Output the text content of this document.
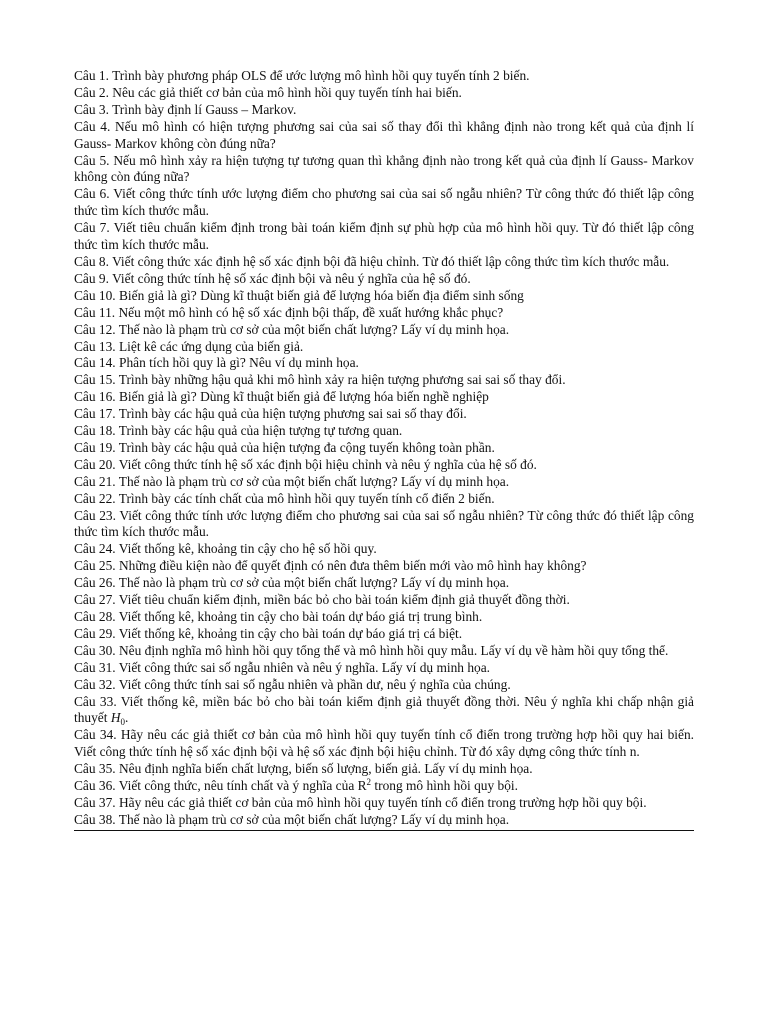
Câu 1. Trình bày phương pháp OLS để ước lượng mô hình hồi quy tuyến tính 2 biến.

Câu 2. Nêu các giả thiết cơ bản của mô hình hồi quy tuyến tính hai biến.

Câu 3. Trình bày định lí Gauss – Markov.

Câu 4. Nếu mô hình có hiện tượng phương sai của sai số thay đổi thì khẳng định nào trong kết quả của định lí Gauss- Markov không còn đúng nữa?

Câu 5. Nếu mô hình xảy ra hiện tượng tự tương quan thì khẳng định nào trong kết quả của định lí Gauss- Markov không còn đúng nữa?

Câu 6. Viết công thức tính ước lượng điểm cho phương sai của sai số ngẫu nhiên? Từ công thức đó thiết lập công thức tìm kích thước mẫu.

Câu 7. Viết tiêu chuẩn kiểm định trong bài toán kiểm định sự phù hợp của mô hình hồi quy. Từ đó thiết lập công thức tìm kích thước mẫu.

Câu 8. Viết công thức xác định hệ số xác định bội đã hiệu chỉnh. Từ đó thiết lập công thức tìm kích thước mẫu.

Câu 9. Viết công thức tính hệ số xác định bội và nêu ý nghĩa của hệ số đó.

Câu 10. Biến giả là gì? Dùng kĩ thuật biến giả để lượng hóa biến địa điểm sinh sống

Câu 11. Nếu một mô hình có hệ số xác định bội thấp, đề xuất hướng khắc phục?

Câu 12. Thế nào là phạm trù cơ sở của một biến chất lượng? Lấy ví dụ minh họa.

Câu 13. Liệt kê các ứng dụng của biến giả.

Câu 14. Phân tích hồi quy là gì? Nêu ví dụ minh họa.

Câu 15. Trình bày những hậu quả khi mô hình xảy ra hiện tượng phương sai sai số thay đổi.

Câu 16. Biến giả là gì? Dùng kĩ thuật biến giả để lượng hóa biến nghề nghiệp

Câu 17. Trình bày các hậu quả của hiện tượng phương sai sai số thay đổi.

Câu 18. Trình bày các hậu quả của hiện tượng tự tương quan.

Câu 19. Trình bày các hậu quả của hiện tượng đa cộng tuyến không toàn phần.

Câu 20. Viết công thức tính hệ số xác định bội hiệu chỉnh và nêu ý nghĩa của hệ số đó.

Câu 21. Thế nào là phạm trù cơ sở của một biến chất lượng? Lấy ví dụ minh họa.

Câu 22. Trình bày các tính chất của mô hình hồi quy tuyến tính cổ điển 2 biến.

Câu 23. Viết công thức tính ước lượng điểm cho phương sai của sai số ngẫu nhiên? Từ công thức đó thiết lập công thức tìm kích thước mẫu.

Câu 24. Viết thống kê, khoảng tin cậy cho hệ số hồi quy.

Câu 25. Những điều kiện nào để quyết định có nên đưa thêm biến mới vào mô hình hay không?

Câu 26. Thế nào là phạm trù cơ sở của một biến chất lượng? Lấy ví dụ minh họa.

Câu 27. Viết tiêu chuẩn kiểm định, miền bác bỏ cho bài toán kiểm định giả thuyết đồng thời.

Câu 28. Viết thống kê, khoảng tin cậy cho bài toán dự báo giá trị trung bình.

Câu 29. Viết thống kê, khoảng tin cậy cho bài toán dự báo giá trị cá biệt.

Câu 30. Nêu định nghĩa mô hình hồi quy tổng thể và mô hình hồi quy mẫu. Lấy ví dụ về hàm hồi quy tổng thể.

Câu 31. Viết công thức sai số ngẫu nhiên và nêu ý nghĩa. Lấy ví dụ minh họa.

Câu 32. Viết công thức tính sai số ngẫu nhiên và phần dư, nêu ý nghĩa của chúng.

Câu 33. Viết thống kê, miền bác bỏ cho bài toán kiểm định giả thuyết đồng thời. Nêu ý nghĩa khi chấp nhận giả thuyết $H_0$.

Câu 34. Hãy nêu các giả thiết cơ bản của mô hình hồi quy tuyến tính cổ điển trong trường hợp hồi quy hai biến. Viết công thức tính hệ số xác định bội và hệ số xác định bội hiệu chỉnh. Từ đó xây dựng công thức tính n.

Câu 35. Nêu định nghĩa biến chất lượng, biến số lượng, biến giả. Lấy ví dụ minh họa.

Câu 36. Viết công thức, nêu tính chất và ý nghĩa của $R^2$ trong mô hình hồi quy bội.

Câu 37. Hãy nêu các giả thiết cơ bản của mô hình hồi quy tuyến tính cổ điển trong trường hợp hồi quy bội.

Câu 38. Thế nào là phạm trù cơ sở của một biến chất lượng? Lấy ví dụ minh họa.
